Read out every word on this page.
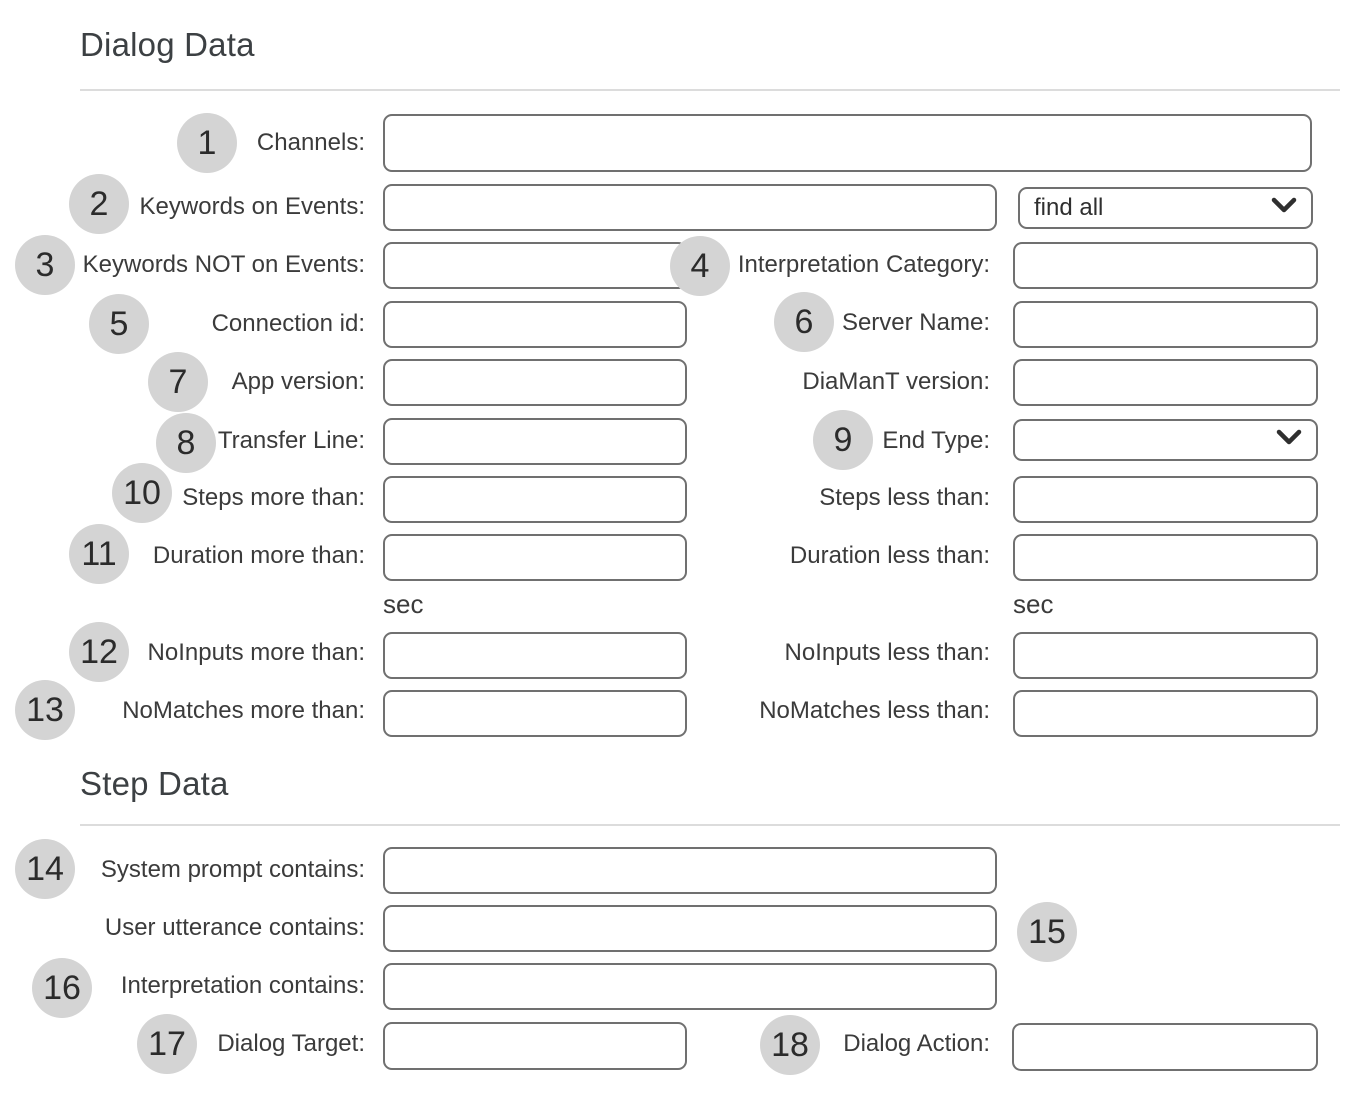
Dialog Data
Channels:
Keywords on Events:	find all
Keywords NOT on Events:	Interpretation Category:
Connection id:	Server Name:
App version:	DiaManT version:
Transfer Line:	End Type:
Steps more than:	Steps less than:
Duration more than:	Duration less than:
sec	sec
NoInputs more than:	NoInputs less than:
NoMatches more than:	NoMatches less than:
Step Data
System prompt contains:
User utterance contains:
Interpretation contains:
Dialog Target:	Dialog Action:
1
2
3	4
5	6
7
8	9
10
11
12
13
14
15
16
17	18
